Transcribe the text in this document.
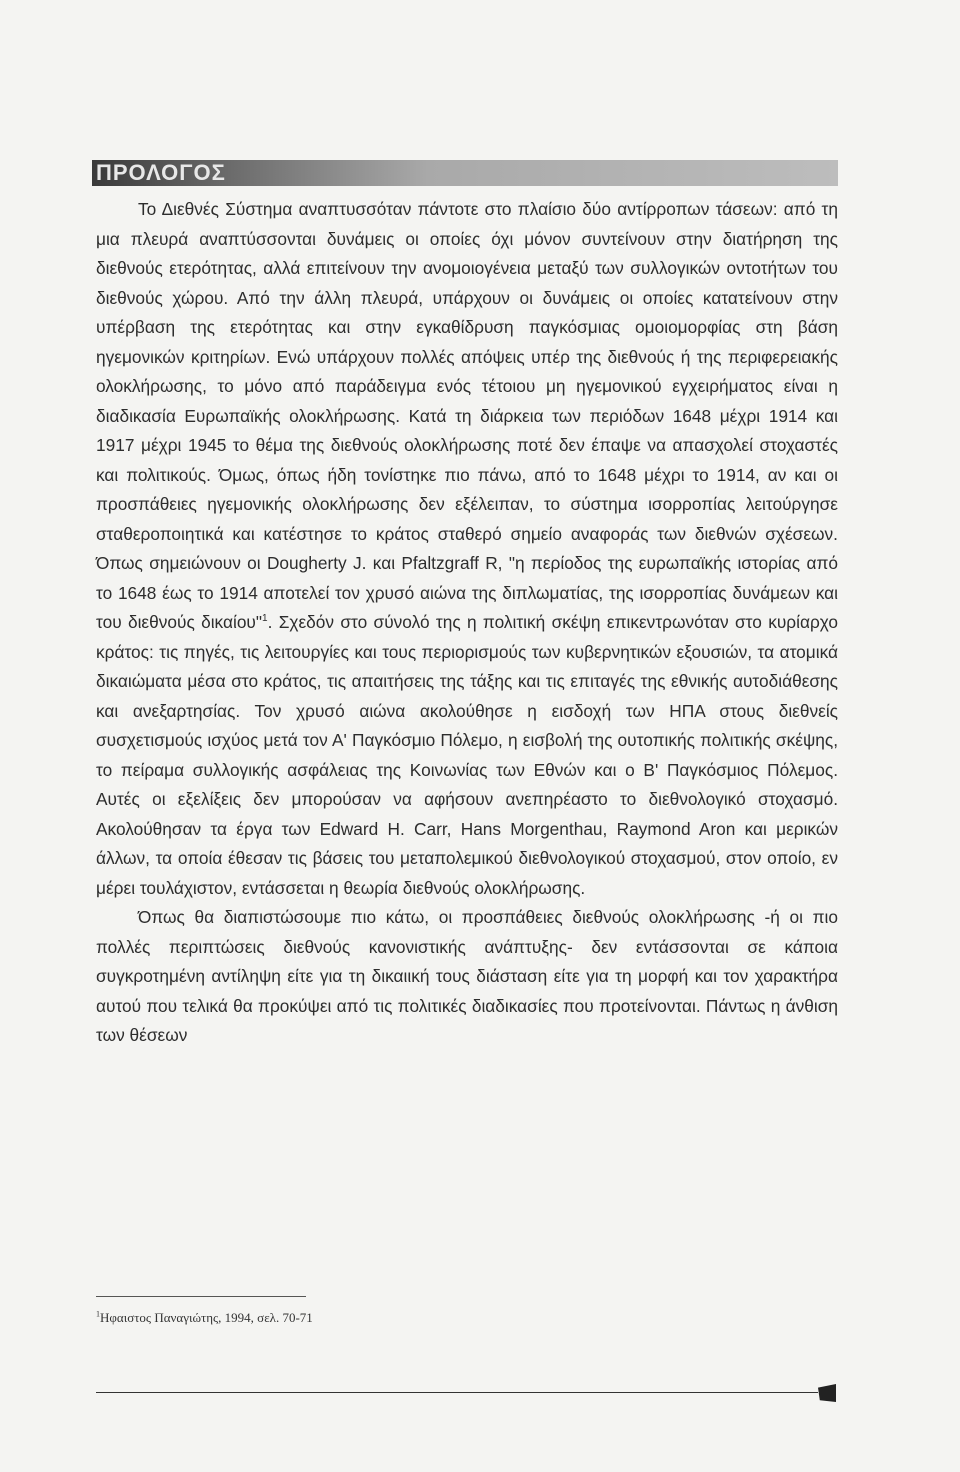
ΠΡΟΛΟΓΟΣ

Το Διεθνές Σύστημα αναπτυσσόταν πάντοτε στο πλαίσιο δύο αντίρροπων τάσεων: από τη μια πλευρά αναπτύσσονται δυνάμεις οι οποίες όχι μόνον συντείνουν στην διατήρηση της διεθνούς ετερότητας, αλλά επιτείνουν την ανομοιογένεια μεταξύ των συλλογικών οντοτήτων του διεθνούς χώρου. Από την άλλη πλευρά, υπάρχουν οι δυνάμεις οι οποίες κατατείνουν στην υπέρβαση της ετερότητας και στην εγκαθίδρυση παγκόσμιας ομοιομορφίας στη βάση ηγεμονικών κριτηρίων. Ενώ υπάρχουν πολλές απόψεις υπέρ της διεθνούς ή της περιφερειακής ολοκλήρωσης, το μόνο από παράδειγμα ενός τέτοιου μη ηγεμονικού εγχειρήματος είναι η διαδικασία Ευρωπαϊκής ολοκλήρωσης. Κατά τη διάρκεια των περιόδων 1648 μέχρι 1914 και 1917 μέχρι 1945 το θέμα της διεθνούς ολοκλήρωσης ποτέ δεν έπαψε να απασχολεί στοχαστές και πολιτικούς. Όμως, όπως ήδη τονίστηκε πιο πάνω, από το 1648 μέχρι το 1914, αν και οι προσπάθειες ηγεμονικής ολοκλήρωσης δεν εξέλειπαν, το σύστημα ισορροπίας λειτούργησε σταθεροποιητικά και κατέστησε το κράτος σταθερό σημείο αναφοράς των διεθνών σχέσεων. Όπως σημειώνουν οι Dougherty J. και Pfaltzgraff R, "η περίοδος της ευρωπαϊκής ιστορίας από το 1648 έως το 1914 αποτελεί τον χρυσό αιώνα της διπλωματίας, της ισορροπίας δυνάμεων και του διεθνούς δικαίου"$^1$. Σχεδόν στο σύνολό της η πολιτική σκέψη επικεντρωνόταν στο κυρίαρχο κράτος: τις πηγές, τις λειτουργίες και τους περιορισμούς των κυβερνητικών εξουσιών, τα ατομικά δικαιώματα μέσα στο κράτος, τις απαιτήσεις της τάξης και τις επιταγές της εθνικής αυτοδιάθεσης και ανεξαρτησίας. Τον χρυσό αιώνα ακολούθησε η εισδοχή των ΗΠΑ στους διεθνείς συσχετισμούς ισχύος μετά τον Α' Παγκόσμιο Πόλεμο, η εισβολή της ουτοπικής πολιτικής σκέψης, το πείραμα συλλογικής ασφάλειας της Κοινωνίας των Εθνών και ο Β' Παγκόσμιος Πόλεμος. Αυτές οι εξελίξεις δεν μπορούσαν να αφήσουν ανεπηρέαστο το διεθνολογικό στοχασμό. Ακολούθησαν τα έργα των Edward H. Carr, Hans Morgenthau, Raymond Aron και μερικών άλλων, τα οποία έθεσαν τις βάσεις του μεταπολεμικού διεθνολογικού στοχασμού, στον οποίο, εν μέρει τουλάχιστον, εντάσσεται η θεωρία διεθνούς ολοκλήρωσης.

Όπως θα διαπιστώσουμε πιο κάτω, οι προσπάθειες διεθνούς ολοκλήρωσης -ή οι πιο πολλές περιπτώσεις διεθνούς κανονιστικής ανάπτυξης- δεν εντάσσονται σε κάποια συγκροτημένη αντίληψη είτε για τη δικαιική τους διάσταση είτε για τη μορφή και τον χαρακτήρα αυτού που τελικά θα προκύψει από τις πολιτικές διαδικασίες που προτείνονται. Πάντως η άνθιση των θέσεων

$^1$Ηφαιστος Παναγιώτης, 1994, σελ. 70-71
